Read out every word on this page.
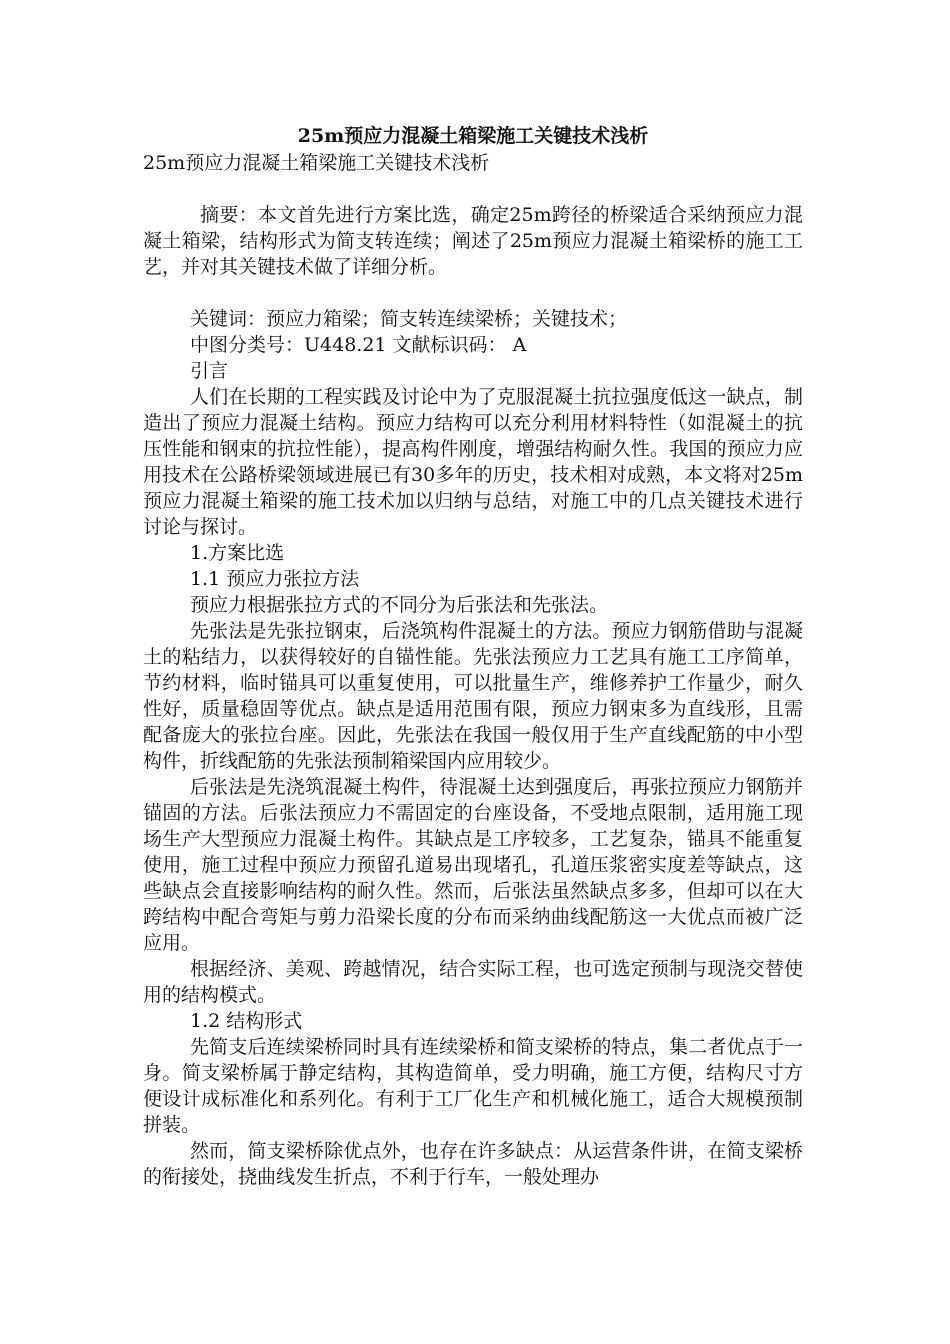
25m预应力混凝土箱梁施工关键技术浅析

25m预应力混凝土箱梁施工关键技术浅析

摘要：本文首先进行方案比选，确定25m跨径的桥梁适合采纳预应力混凝土箱梁，结构形式为简支转连续；阐述了25m预应力混凝土箱梁桥的施工工艺，并对其关键技术做了详细分析。

关键词：预应力箱梁；简支转连续梁桥；关键技术；

中图分类号：U448.21 文献标识码： A

引言

人们在长期的工程实践及讨论中为了克服混凝土抗拉强度低这一缺点，制造出了预应力混凝土结构。预应力结构可以充分利用材料特性（如混凝土的抗压性能和钢束的抗拉性能），提高构件刚度，增强结构耐久性。我国的预应力应用技术在公路桥梁领域进展已有30多年的历史，技术相对成熟，本文将对25m预应力混凝土箱梁的施工技术加以归纳与总结，对施工中的几点关键技术进行讨论与探讨。

1.方案比选

1.1 预应力张拉方法

预应力根据张拉方式的不同分为后张法和先张法。

先张法是先张拉钢束，后浇筑构件混凝土的方法。预应力钢筋借助与混凝土的粘结力，以获得较好的自锚性能。先张法预应力工艺具有施工工序简单，节约材料，临时锚具可以重复使用，可以批量生产，维修养护工作量少，耐久性好，质量稳固等优点。缺点是适用范围有限，预应力钢束多为直线形，且需配备庞大的张拉台座。因此，先张法在我国一般仅用于生产直线配筋的中小型构件，折线配筋的先张法预制箱梁国内应用较少。

后张法是先浇筑混凝土构件，待混凝土达到强度后，再张拉预应力钢筋并锚固的方法。后张法预应力不需固定的台座设备，不受地点限制，适用施工现场生产大型预应力混凝土构件。其缺点是工序较多，工艺复杂，锚具不能重复使用，施工过程中预应力预留孔道易出现堵孔，孔道压浆密实度差等缺点，这些缺点会直接影响结构的耐久性。然而，后张法虽然缺点多多，但却可以在大跨结构中配合弯矩与剪力沿梁长度的分布而采纳曲线配筋这一大优点而被广泛应用。

根据经济、美观、跨越情况，结合实际工程，也可选定预制与现浇交替使用的结构模式。

1.2 结构形式

先简支后连续梁桥同时具有连续梁桥和简支梁桥的特点，集二者优点于一身。简支梁桥属于静定结构，其构造简单，受力明确，施工方便，结构尺寸方便设计成标准化和系列化。有利于工厂化生产和机械化施工，适合大规模预制拼装。

然而，简支梁桥除优点外，也存在许多缺点：从运营条件讲，在简支梁桥的衔接处，挠曲线发生折点，不利于行车，一般处理办
